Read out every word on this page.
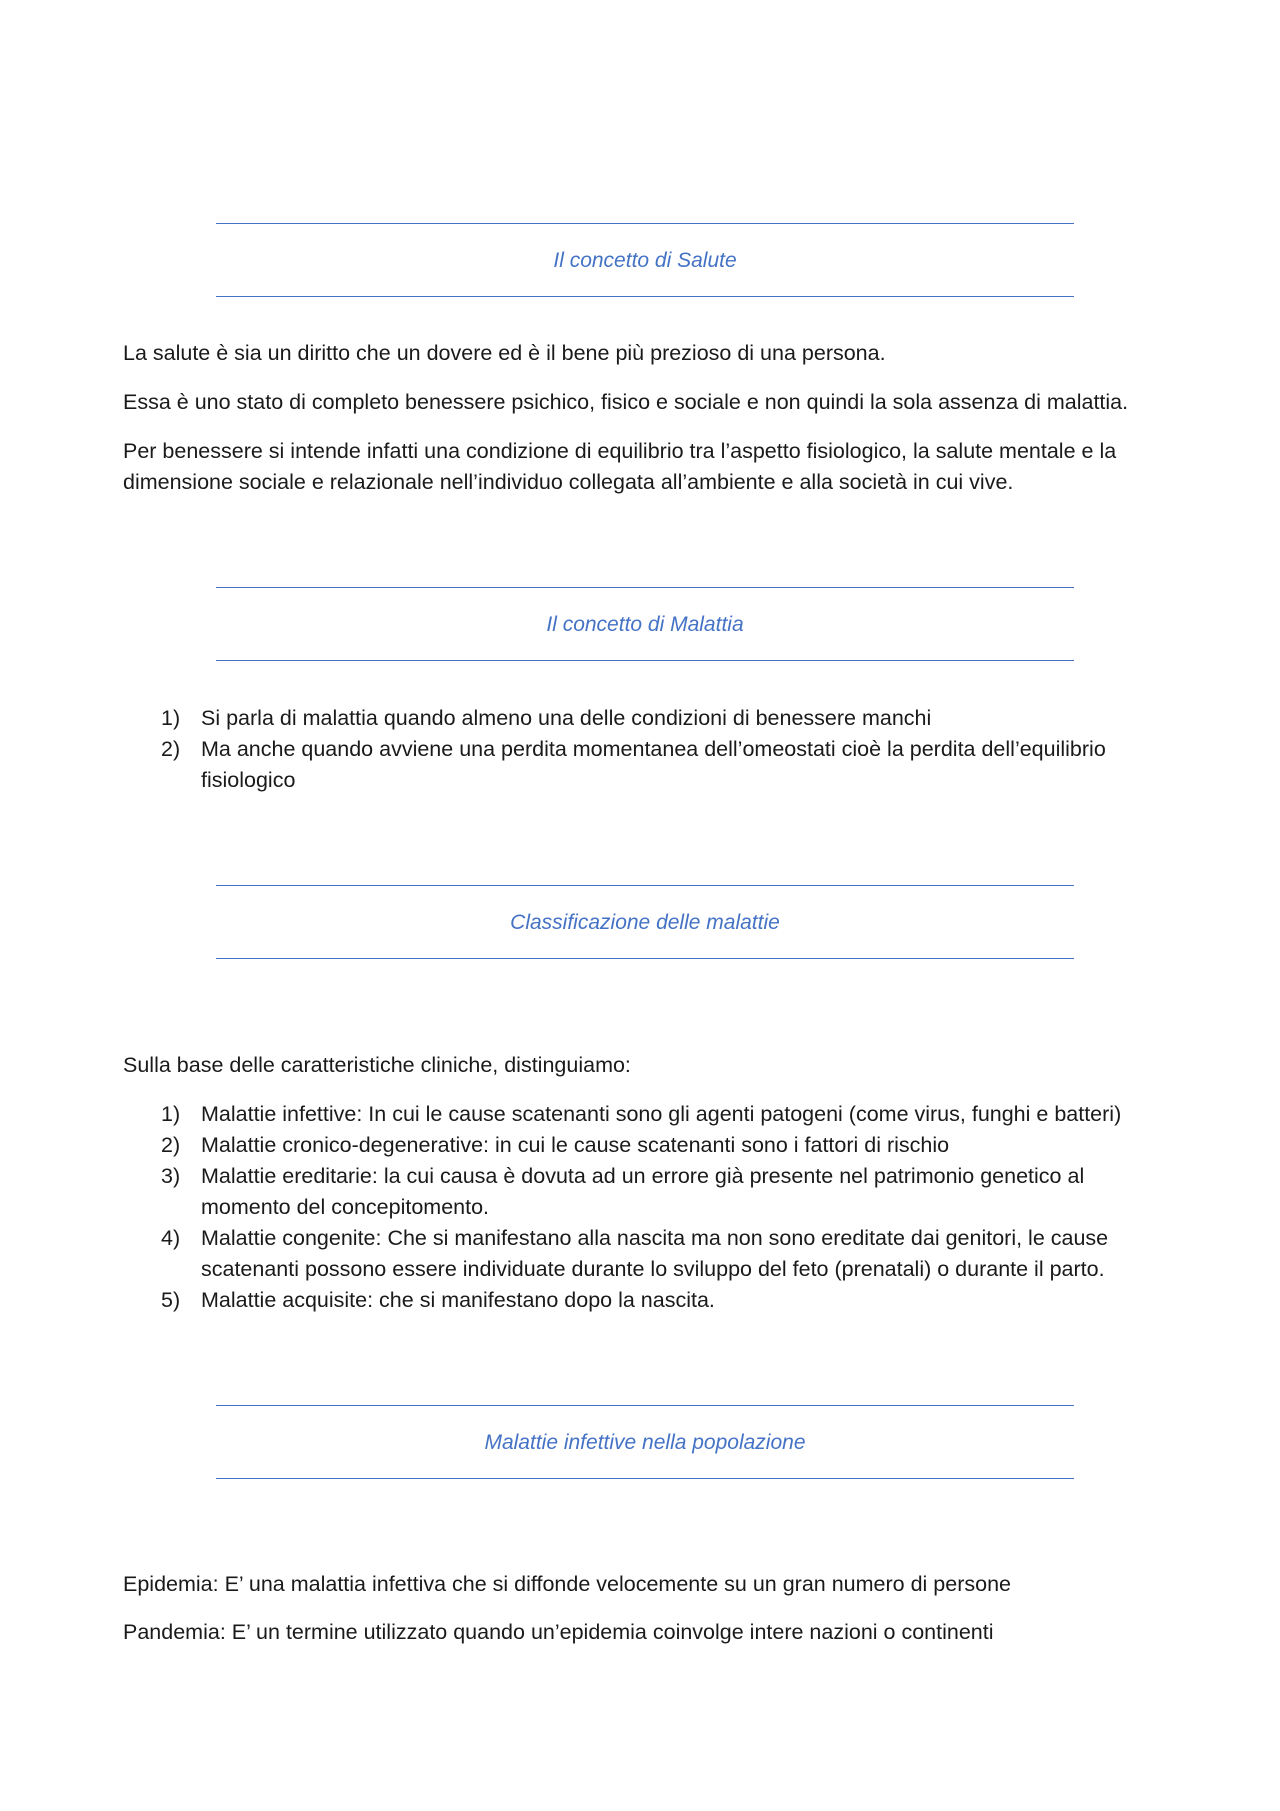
Il concetto di Salute

La salute è sia un diritto che un dovere ed è il bene più prezioso di una persona.

Essa è uno stato di completo benessere psichico, fisico e sociale e non quindi la sola assenza di malattia.

Per benessere si intende infatti una condizione di equilibrio tra l’aspetto fisiologico, la salute mentale e la dimensione sociale e relazionale nell’individuo collegata all’ambiente e alla società in cui vive.

Il concetto di Malattia
1) Si parla di malattia quando almeno una delle condizioni di benessere manchi
2) Ma anche quando avviene una perdita momentanea dell’omeostati cioè la perdita dell’equilibrio fisiologico
Classificazione delle malattie

Sulla base delle caratteristiche cliniche, distinguiamo:

1) Malattie infettive: In cui le cause scatenanti sono gli agenti patogeni (come virus, funghi e batteri)
2) Malattie cronico-degenerative: in cui le cause scatenanti sono i fattori di rischio
3) Malattie ereditarie: la cui causa è dovuta ad un errore già presente nel patrimonio genetico al momento del concepitomento.
4) Malattie congenite: Che si manifestano alla nascita ma non sono ereditate dai genitori, le cause scatenanti possono essere individuate durante lo sviluppo del feto (prenatali) o durante il parto.
5) Malattie acquisite: che si manifestano dopo la nascita.
Malattie infettive nella popolazione

Epidemia: E’ una malattia infettiva che si diffonde velocemente su un gran numero di persone

Pandemia: E’ un termine utilizzato quando un’epidemia coinvolge intere nazioni o continenti
